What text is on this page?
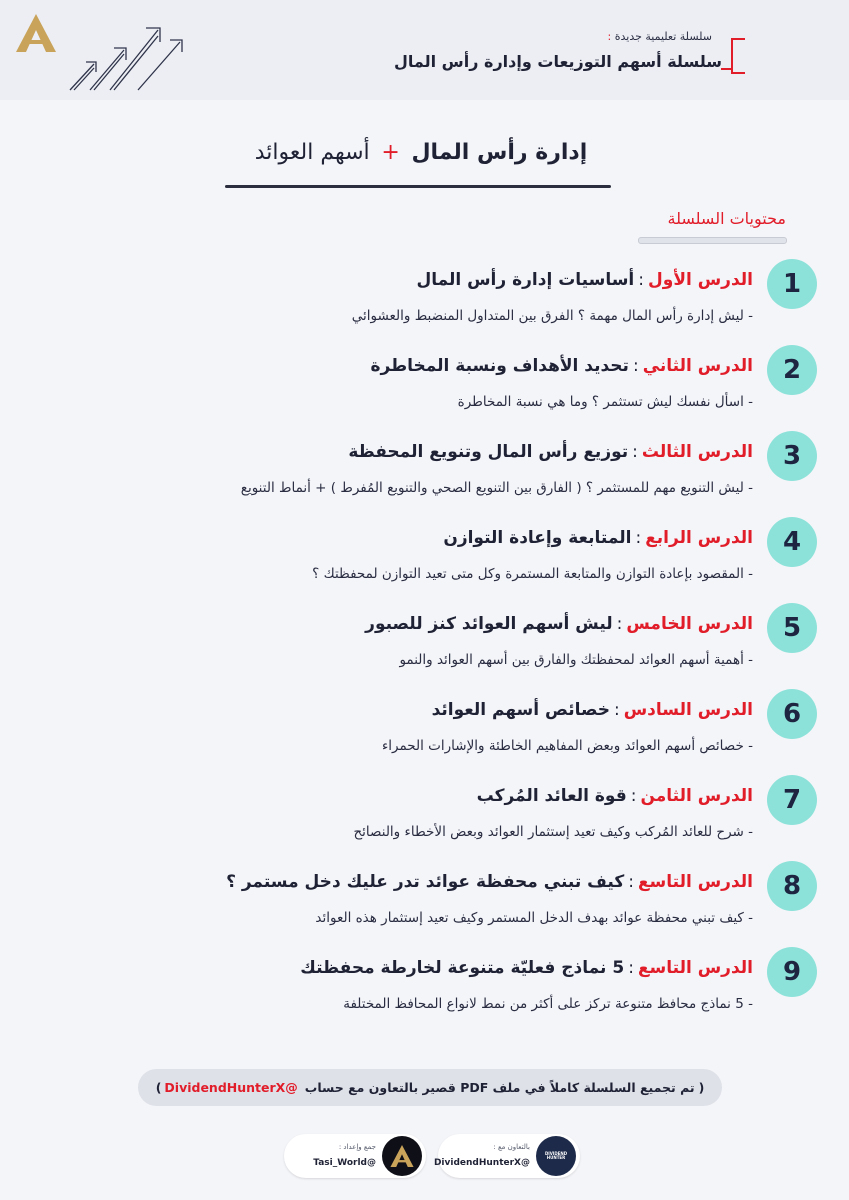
سلسلة تعليمية جديدة :
سلسلة أسهم التوزيعات وإدارة رأس المال
إدارة رأس المال + أسهم العوائد
محتويات السلسلة
1
الدرس الأول:أساسيات إدارة رأس المال
- ليش إدارة رأس المال مهمة ؟ الفرق بين المتداول المنضبط والعشوائي
2
الدرس الثاني:تحديد الأهداف ونسبة المخاطرة
- اسأل نفسك ليش تستثمر ؟ وما هي نسبة المخاطرة
3
الدرس الثالث:توزيع رأس المال وتنويع المحفظة
- ليش التنويع مهم للمستثمر ؟ ( الفارق بين التنويع الصحي والتنويع المُفرط ) + أنماط التنويع
4
الدرس الرابع:المتابعة وإعادة التوازن
- المقصود بإعادة التوازن والمتابعة المستمرة وكل متى تعيد التوازن لمحفظتك ؟
5
الدرس الخامس:ليش أسهم العوائد كنز للصبور
- أهمية أسهم العوائد لمحفظتك والفارق بين أسهم العوائد والنمو
6
الدرس السادس:خصائص أسهم العوائد
- خصائص أسهم العوائد وبعض المفاهيم الخاطئة والإشارات الحمراء
7
الدرس الثامن:قوة العائد المُركب
- شرح للعائد المُركب وكيف تعيد إستثمار العوائد وبعض الأخطاء والنصائح
8
الدرس التاسع:كيف تبني محفظة عوائد تدر عليك دخل مستمر ؟
- كيف تبني محفظة عوائد بهدف الدخل المستمر وكيف تعيد إستثمار هذه العوائد
9
الدرس التاسع:5 نماذج فعليّة متنوعة لخارطة محفظتك
- 5 نماذج محافظ متنوعة تركز على أكثر من نمط لانواع المحافظ المختلفة
(
تم تجميع السلسلة كاملاً في ملف PDF قصير بالتعاون مع حساب
@DividendHunterX
)
جمع وإعداد :
@Tasi_World
DIVIDEND HUNTER
بالتعاون مع :
@DividendHunterX
